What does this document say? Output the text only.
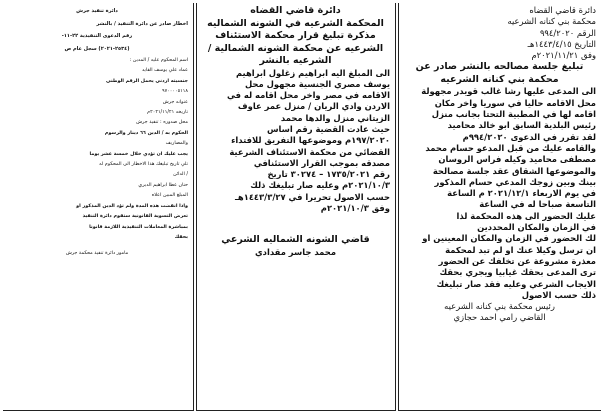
دائرة قاضي القضاه
محكمة بني كنانه الشرعيه
الرقم ۹۹٤/۲۰۲۰
التاريخ ۱٤٤۳/٤/۱٥هـ
وفق ۲۰۲۱/۱۱/۲۱م
تبليغ جلسة مصالحه بالنشر صادر عن
محكمة بني كنانه الشرعيه
الى المدعى عليها رشا غالب قويدر مجهولة
محل الاقامه حاليا في سوريا واخر مكان
اقامه لها في المطبية التحتا بجانب منزل
رئيس البلدية السابق ابو خالد محاميد
لقد تقرر في الدعوى ۹۹٤/۲۰۲۰م
والقامه عليك من قبل المدعو حسام محمد
مصطفى محاميد وكيله فراس الروسان
والموضوعها الشقاق عقد جلسة مصالحة
بينك وبين زوجك المدعي حسام المذكور
في يوم الاربعاء ۲۰۲۱/۱۲/۱ م الساعة
التاسعة صباحا له في الساعة
عليك الحضور الى هذه المحكمة لذا
في الزمان والمكان المحددين
لك الحضور في الزمان والمكان المعينين او
ان ترسل وكيلا عنك او لم تبد لمحكمة
معذرة مشروعة عن تخلفك عن الحضور
ترى المدعى بحقك غيابيا ويجري بحقك
الايجاب الشرعي وعليه فقد صار تبليغك
ذلك حسب الاصول
رئيس محكمة بني كنانه الشرعيه
القاضي رامي احمد حجازي
دائرة قاضي القضاه
المحكمة الشرعيه في الشونه الشماليه
مذكرة تبليغ قرار محكمة الاستئناف
الشرعيه عن محكمة الشونه الشمالية /
الشرعيه بالنشر
الى المبلغ اليه ابراهيم زغلول ابراهيم
يوسف مصري الجنسية مجهول محل
الاقامه في مصر واخر محل اقامه له في
الاردن وادي الريان / منزل عمر عاوف
الزيتاني منزل والدها محمد
حيث عادت القضية رقم اساس
۱۹۷/۲۰۲۰م وموضوعها التفريق للافتداء
القضائي من محكمة الاستئناف الشرعية
مصدقه بموجب القرار الاستئنافي
رقم ۱۷۳٥/۲۰۲۱ – ۳۰۲۷٤ تاريخ
۲۰۲۱/۱۰/۳م وعليه صار تبليغك ذلك
حسب الاصول تحريرا في ۱٤٤۳/۳/۲۷هـ
وفق ۲۰۲۱/۱۰/۳م
قاضي الشونه الشماليه الشرعي
محمد جاسر مقدادي
دائرة تنفيذ جرش
اخطار صادر عن دائرة التنفيذ / بالنشر
رقم الدعوى التنفيذية ۲۲-۱۱-
(۲۰۲۱-۲٥٣٤) سجل عام ص
اسم المحكوم عليه / المدين :
عماد علي يوسف القايد
جنسيته اردني يحمل الرقم الوطني
۹۷۰۰۰۰٥۱۱۸
عنوانه جرش
تاريخه ۲۰۲۱/۱۱/۲۱م
محل صدوره : تنفيذ جرش
الحكوم به / الدين ٦٦ دينار والرسوم
والمصاريف
يجب عليك ان تؤدي خلال خمسة عشر يوما
تلي تاريخ تبليغك هذا الاخطار الى المحكوم له
/ الدائن
حنان عطا ابراهيم الديري
المبلغ المبين اعلاه
واذا انقضت هذه المدة ولم تؤد الدين المذكور او
تعرض التسوية القانونية ستقوم دائرة التنفيذ
بمباشرة المعاملات التنفيذية اللازمة قانونا
بحقك
مامور دائرة تنفيذ محكمة جرش
